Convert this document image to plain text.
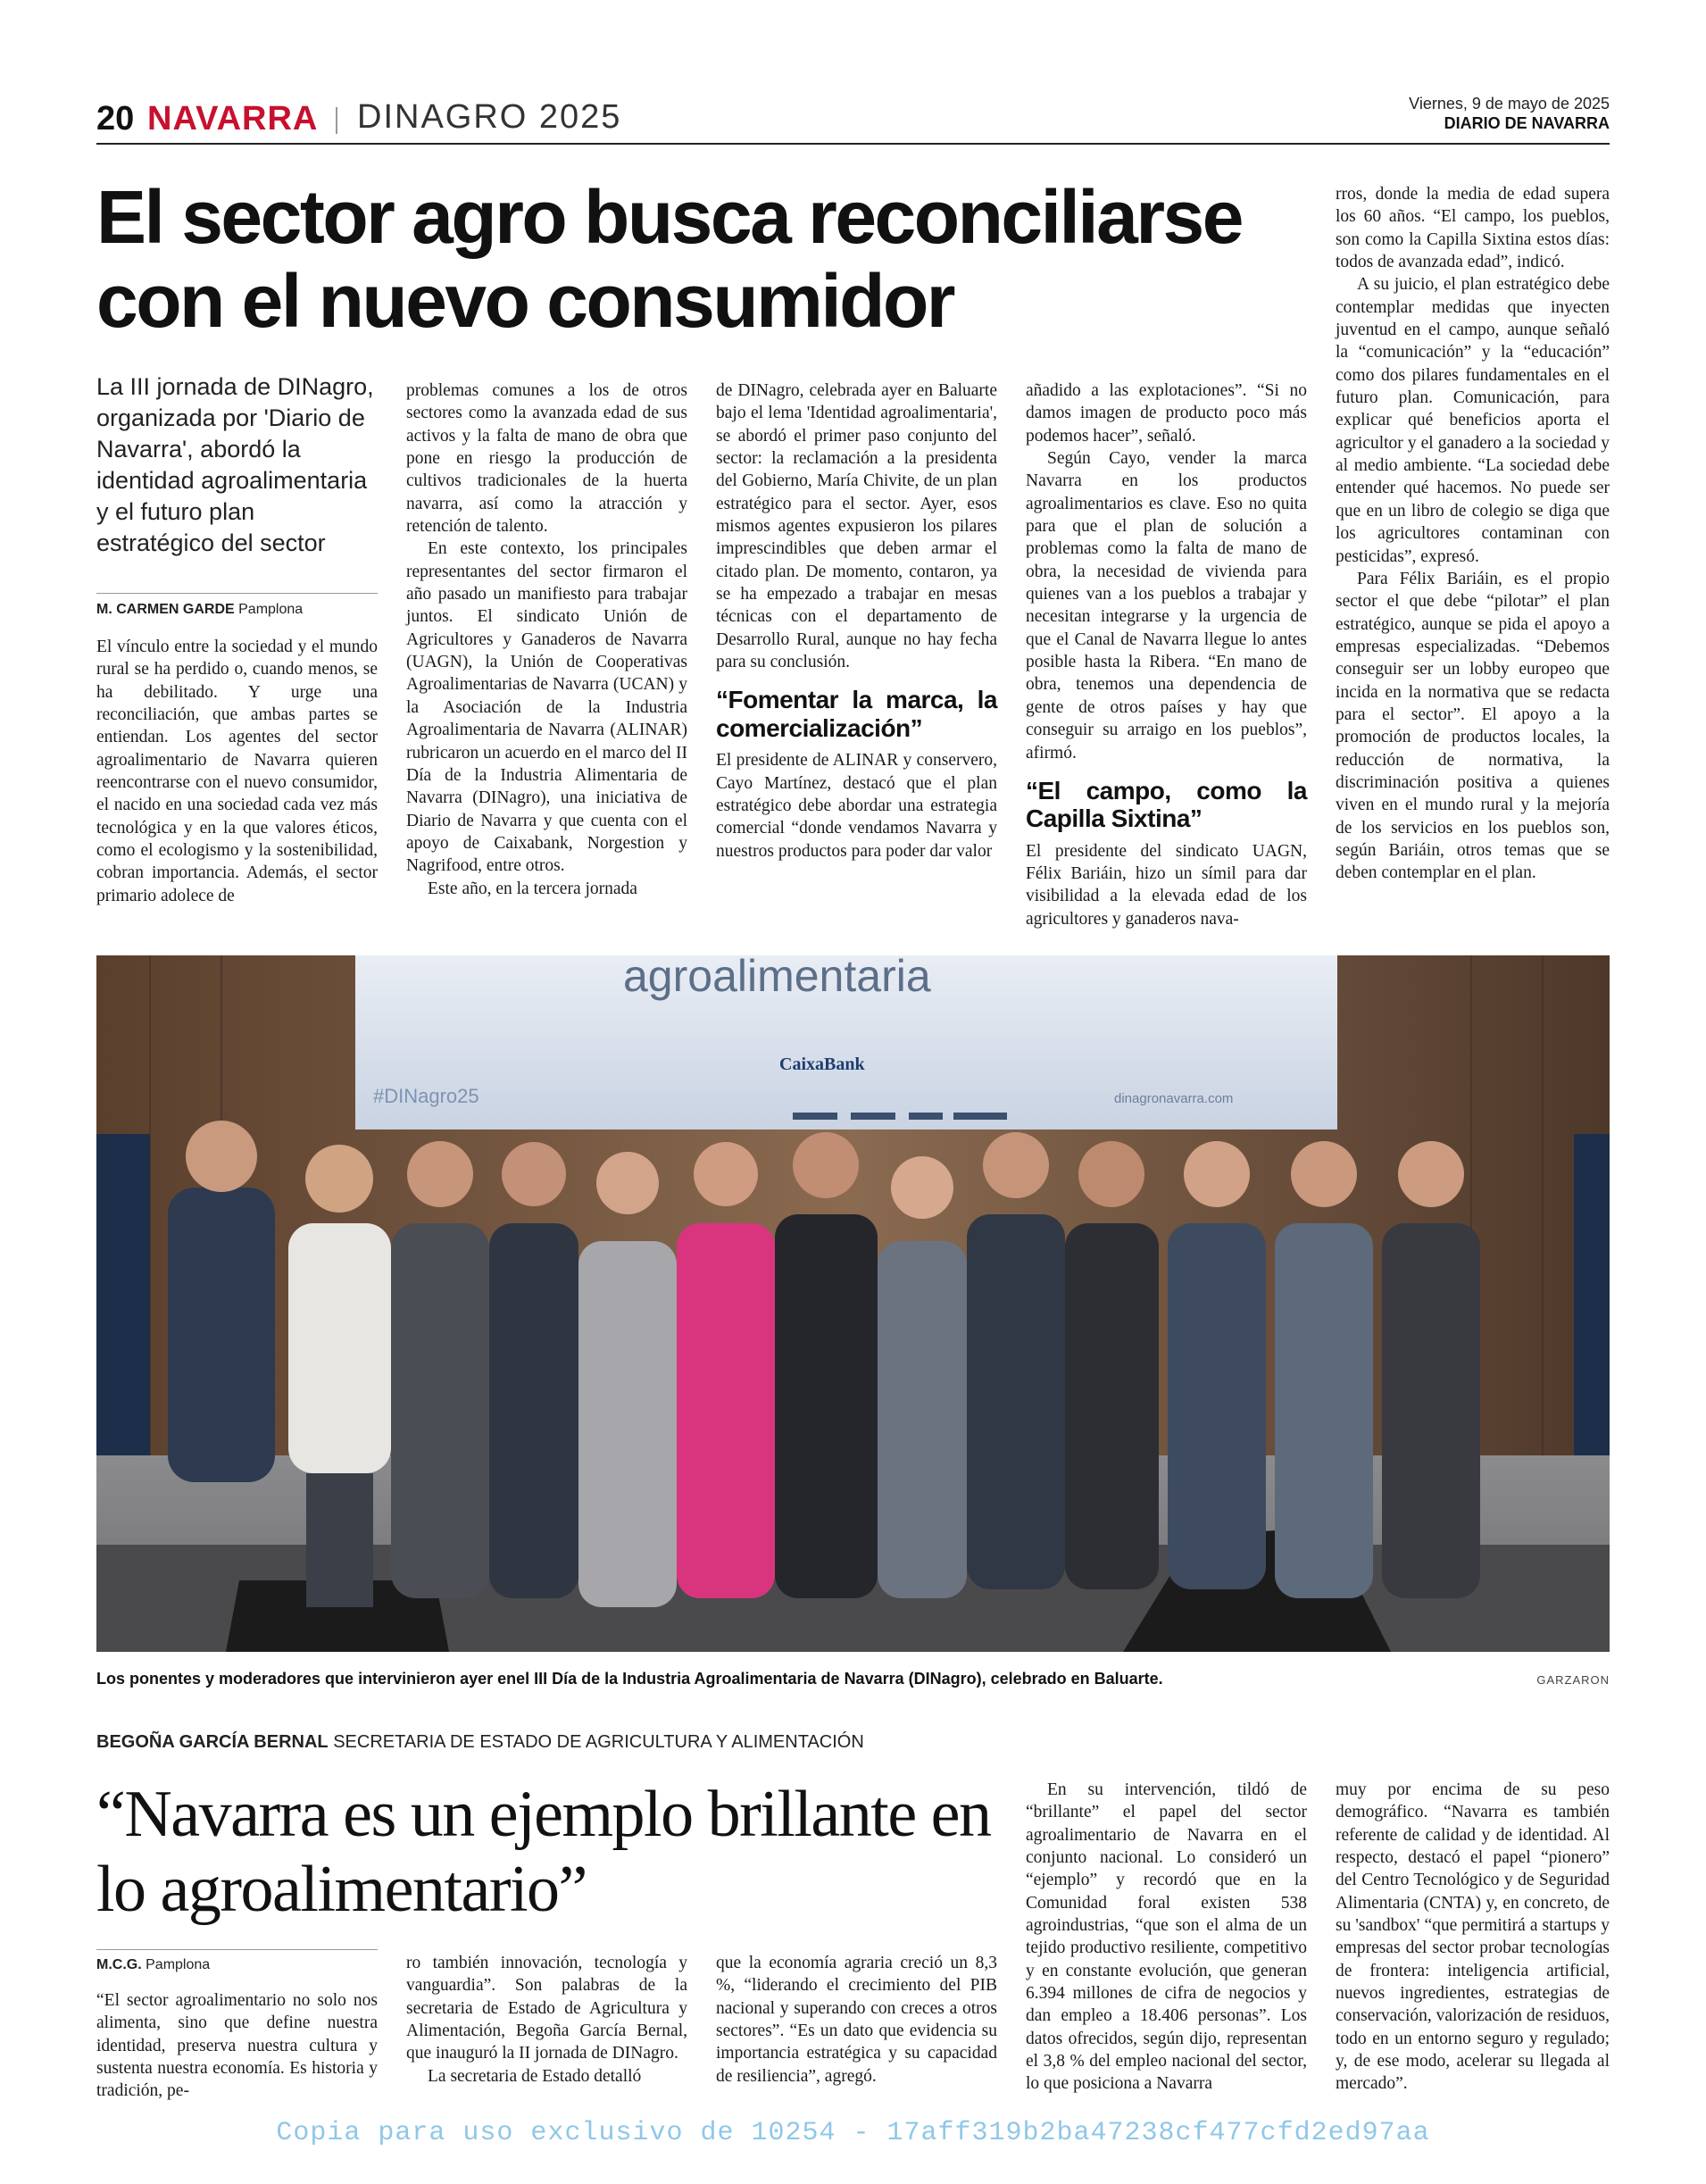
20 NAVARRA DINAGRO 2025	Viernes, 9 de mayo de 2025
DIARIO DE NAVARRA
El sector agro busca reconciliarse con el nuevo consumidor

La III jornada de DINagro, organizada por 'Diario de Navarra', abordó la identidad agroalimentaria y el futuro plan estratégico del sector

M. CARMEN GARDE Pamplona

El vínculo entre la sociedad y el mundo rural se ha perdido o, cuando menos, se ha debilitado. Y urge una reconciliación, que ambas partes se entiendan. Los agentes del sector agroalimentario de Navarra quieren reencontrarse con el nuevo consumidor, el nacido en una sociedad cada vez más tecnológica y en la que valores éticos, como el ecologismo y la sostenibilidad, cobran importancia. Además, el sector primario adolece de

problemas comunes a los de otros sectores como la avanzada edad de sus activos y la falta de mano de obra que pone en riesgo la producción de cultivos tradicionales de la huerta navarra, así como la atracción y retención de talento.

En este contexto, los principales representantes del sector firmaron el año pasado un manifiesto para trabajar juntos. El sindicato Unión de Agricultores y Ganaderos de Navarra (UAGN), la Unión de Cooperativas Agroalimentarias de Navarra (UCAN) y la Asociación de la Industria Agroalimentaria de Navarra (ALINAR) rubricaron un acuerdo en el marco del II Día de la Industria Alimentaria de Navarra (DINagro), una iniciativa de Diario de Navarra y que cuenta con el apoyo de Caixabank, Norgestion y Nagrifood, entre otros.

Este año, en la tercera jornada

de DINagro, celebrada ayer en Baluarte bajo el lema 'Identidad agroalimentaria', se abordó el primer paso conjunto del sector: la reclamación a la presidenta del Gobierno, María Chivite, de un plan estratégico para el sector. Ayer, esos mismos agentes expusieron los pilares imprescindibles que deben armar el citado plan. De momento, contaron, ya se ha empezado a trabajar en mesas técnicas con el departamento de Desarrollo Rural, aunque no hay fecha para su conclusión.

“Fomentar la marca, la comercialización”

El presidente de ALINAR y conservero, Cayo Martínez, destacó que el plan estratégico debe abordar una estrategia comercial “donde vendamos Navarra y nuestros productos para poder dar valor

añadido a las explotaciones”. “Si no damos imagen de producto poco más podemos hacer”, señaló.

Según Cayo, vender la marca Navarra en los productos agroalimentarios es clave. Eso no quita para que el plan de solución a problemas como la falta de mano de obra, la necesidad de vivienda para quienes van a los pueblos a trabajar y necesitan integrarse y la urgencia de que el Canal de Navarra llegue lo antes posible hasta la Ribera. “En mano de obra, tenemos una dependencia de gente de otros países y hay que conseguir su arraigo en los pueblos”, afirmó.

“El campo, como la Capilla Sixtina”

El presidente del sindicato UAGN, Félix Bariáin, hizo un símil para dar visibilidad a la elevada edad de los agricultores y ganaderos nava-

rros, donde la media de edad supera los 60 años. “El campo, los pueblos, son como la Capilla Sixtina estos días: todos de avanzada edad”, indicó.

A su juicio, el plan estratégico debe contemplar medidas que inyecten juventud en el campo, aunque señaló la “comunicación” y la “educación” como dos pilares fundamentales en el futuro plan. Comunicación, para explicar qué beneficios aporta el agricultor y el ganadero a la sociedad y al medio ambiente. “La sociedad debe entender qué hacemos. No puede ser que en un libro de colegio se diga que los agricultores contaminan con pesticidas”, expresó.

Para Félix Bariáin, es el propio sector el que debe “pilotar” el plan estratégico, aunque se pida el apoyo a empresas especializadas. “Debemos conseguir ser un lobby europeo que incida en la normativa que se redacta para el sector”. El apoyo a la promoción de productos locales, la reducción de normativa, la discriminación positiva a quienes viven en el mundo rural y la mejoría de los servicios en los pueblos son, según Bariáin, otros temas que se deben contemplar en el plan.

agroalimentaria
#DINagro25
CaixaBank
dinagronavarra.com
Los ponentes y moderadores que intervinieron ayer enel III Día de la Industria Agroalimentaria de Navarra (DINagro), celebrado en Baluarte.	GARZARON
BEGOÑA GARCÍA BERNAL SECRETARIA DE ESTADO DE AGRICULTURA Y ALIMENTACIÓN
“Navarra es un ejemplo brillante en lo agroalimentario”
M.C.G. Pamplona

“El sector agroalimentario no solo nos alimenta, sino que define nuestra identidad, preserva nuestra cultura y sustenta nuestra economía. Es historia y tradición, pe-

ro también innovación, tecnología y vanguardia”. Son palabras de la secretaria de Estado de Agricultura y Alimentación, Begoña García Bernal, que inauguró la II jornada de DINagro.

La secretaria de Estado detalló

que la economía agraria creció un 8,3 %, “liderando el crecimiento del PIB nacional y superando con creces a otros sectores”. “Es un dato que evidencia su importancia estratégica y su capacidad de resiliencia”, agregó.

En su intervención, tildó de “brillante” el papel del sector agroalimentario de Navarra en el conjunto nacional. Lo consideró un “ejemplo” y recordó que en la Comunidad foral existen 538 agroindustrias, “que son el alma de un tejido productivo resiliente, competitivo y en constante evolución, que generan 6.394 millones de cifra de negocios y dan empleo a 18.406 personas”. Los datos ofrecidos, según dijo, representan el 3,8 % del empleo nacional del sector, lo que posiciona a Navarra

muy por encima de su peso demográfico. “Navarra es también referente de calidad y de identidad. Al respecto, destacó el papel “pionero” del Centro Tecnológico y de Seguridad Alimentaria (CNTA) y, en concreto, de su 'sandbox' “que permitirá a startups y empresas del sector probar tecnologías de frontera: inteligencia artificial, nuevos ingredientes, estrategias de conservación, valorización de residuos, todo en un entorno seguro y regulado; y, de ese modo, acelerar su llegada al mercado”.

Copia para uso exclusivo de 10254 - 17aff319b2ba47238cf477cfd2ed97aa
